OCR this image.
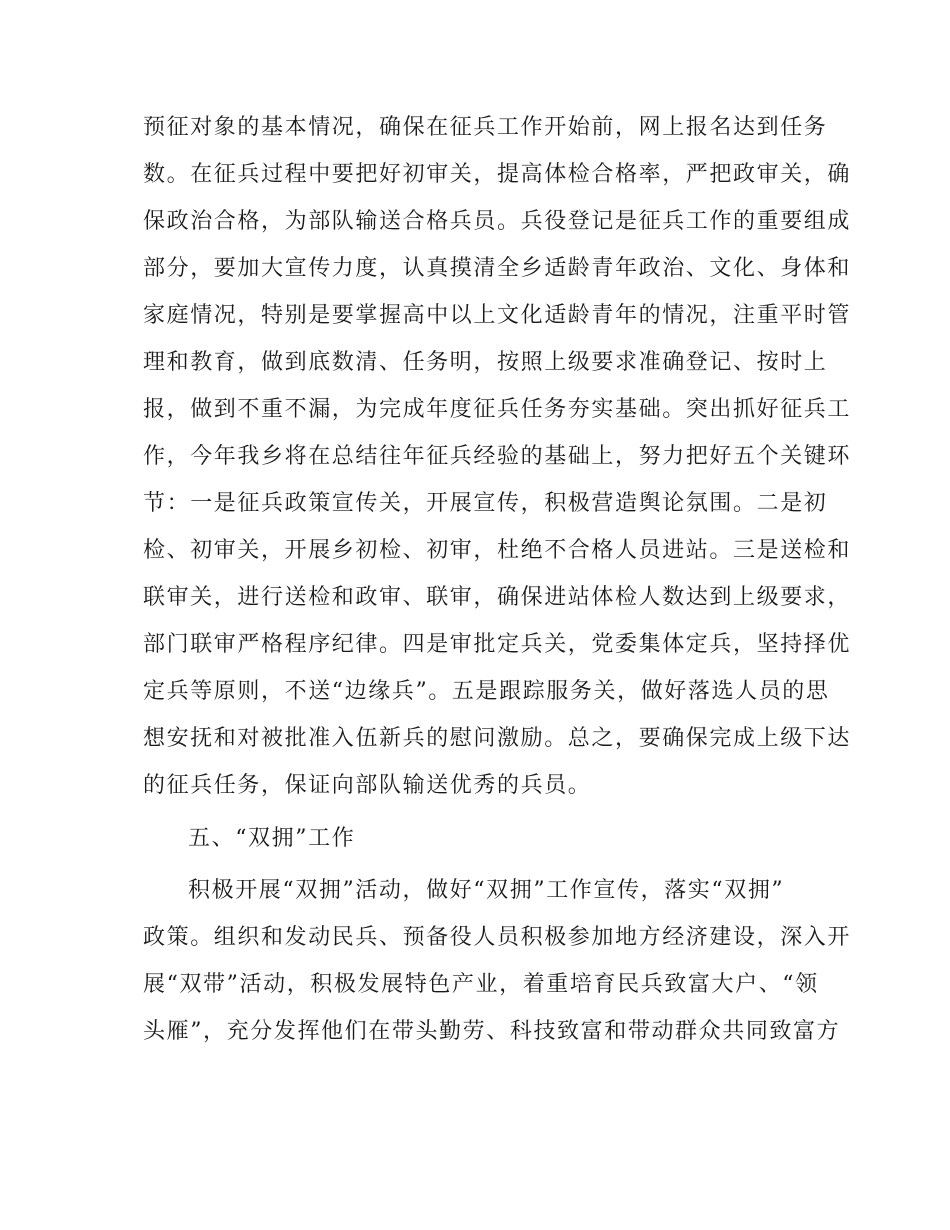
预征对象的基本情况，确保在征兵工作开始前，网上报名达到任务
数。在征兵过程中要把好初审关，提高体检合格率，严把政审关，确
保政治合格，为部队输送合格兵员。兵役登记是征兵工作的重要组成
部分，要加大宣传力度，认真摸清全乡适龄青年政治、文化、身体和
家庭情况，特别是要掌握高中以上文化适龄青年的情况，注重平时管
理和教育，做到底数清、任务明，按照上级要求准确登记、按时上
报，做到不重不漏，为完成年度征兵任务夯实基础。突出抓好征兵工
作，今年我乡将在总结往年征兵经验的基础上，努力把好五个关键环
节：一是征兵政策宣传关，开展宣传，积极营造舆论氛围。二是初
检、初审关，开展乡初检、初审，杜绝不合格人员进站。三是送检和
联审关，进行送检和政审、联审，确保进站体检人数达到上级要求，
部门联审严格程序纪律。四是审批定兵关，党委集体定兵，坚持择优
定兵等原则，不送“边缘兵”。五是跟踪服务关，做好落选人员的思
想安抚和对被批准入伍新兵的慰问激励。总之，要确保完成上级下达
的征兵任务，保证向部队输送优秀的兵员。
五、“双拥”工作
积极开展“双拥”活动，做好“双拥”工作宣传，落实“双拥”
政策。组织和发动民兵、预备役人员积极参加地方经济建设，深入开
展“双带”活动，积极发展特色产业，着重培育民兵致富大户、“领
头雁”，充分发挥他们在带头勤劳、科技致富和带动群众共同致富方
